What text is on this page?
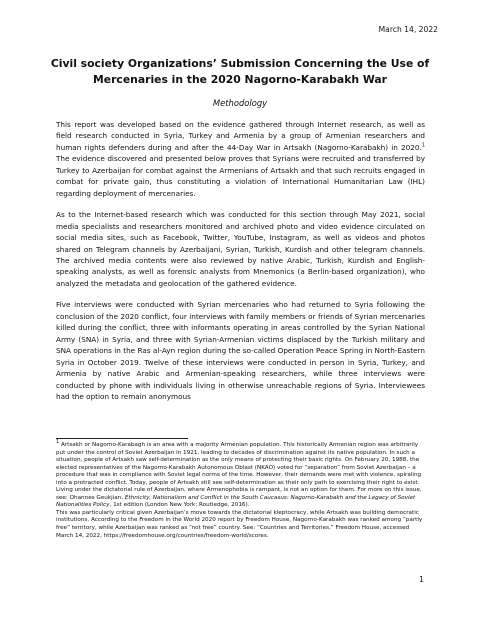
March 14, 2022
Civil society Organizations’ Submission Concerning the Use of Mercenaries in the 2020 Nagorno-Karabakh War
Methodology

This report was developed based on the evidence gathered through Internet research, as well as field research conducted in Syria, Turkey and Armenia by a group of Armenian researchers and human rights defenders during and after the 44-Day War in Artsakh (Nagorno-Karabakh) in 2020.$^1$ The evidence discovered and presented below proves that Syrians were recruited and transferred by Turkey to Azerbaijan for combat against the Armenians of Artsakh and that such recruits engaged in combat for private gain, thus constituting a violation of International Humanitarian Law (IHL) regarding deployment of mercenaries.

As to the Internet-based research which was conducted for this section through May 2021, social media specialists and researchers monitored and archived photo and video evidence circulated on social media sites, such as Facebook, Twitter, YouTube, Instagram, as well as videos and photos shared on Telegram channels by Azerbaijani, Syrian, Turkish, Kurdish and other telegram channels. The archived media contents were also reviewed by native Arabic, Turkish, Kurdish and English- speaking analysts, as well as forensic analysts from Mnemonics (a Berlin-based organization), who analyzed the metadata and geolocation of the gathered evidence.

Five interviews were conducted with Syrian mercenaries who had returned to Syria following the conclusion of the 2020 conflict, four interviews with family members or friends of Syrian mercenaries killed during the conflict, three with informants operating in areas controlled by the Syrian National Army (SNA) in Syria, and three with Syrian-Armenian victims displaced by the Turkish military and SNA operations in the Ras al-Ayn region during the so-called Operation Peace Spring in North-Eastern Syria in October 2019. Twelve of these interviews were conducted in person in Syria, Turkey, and Armenia by native Arabic and Armenian-speaking researchers, while three interviews were conducted by phone with individuals living in otherwise unreachable regions of Syria. Interviewees had the option to remain anonymous

$^1$ Artsakh or Nagorno-Karabagh is an area with a majority Armenian population. This historically Armenian region was arbitrarily put under the control of Soviet Azerbaijan in 1921, leading to decades of discrimination against its native population. In such a situation, people of Artsakh saw self-determination as the only means of protecting their basic rights. On February 20, 1988, the elected representatives of the Nagorno-Karabakh Autonomous Oblast (NKAO) voted for “separation” from Soviet Azerbaijan – a procedure that was in compliance with Soviet legal norms of the time. However, their demands were met with violence, spiraling into a protracted conflict. Today, people of Artsakh still see self-determination as their only path to exercising their right to exist. Living under the dictatorial rule of Azerbaijan, where Armenophobia is rampant, is not an option for them. For more on this issue, see: Ohannes Geukjian, Ethnicity, Nationalism and Conflict in the South Caucasus: Nagorno-Karabakh and the Legacy of Soviet Nationalities Policy, 1st edition (London New York: Routledge, 2016).

This was particularly critical given Azerbaijan’s move towards the dictatorial kleptocracy, while Artsakh was building democratic institutions. According to the Freedom in the World 2020 report by Freedom House, Nagorno-Karabakh was ranked among “partly free” territory, while Azerbaijan was ranked as “not free” country. See: “Countries and Territories,” Freedom House, accessed March 14, 2022, https://freedomhouse.org/countries/freedom-world/scores.

1
